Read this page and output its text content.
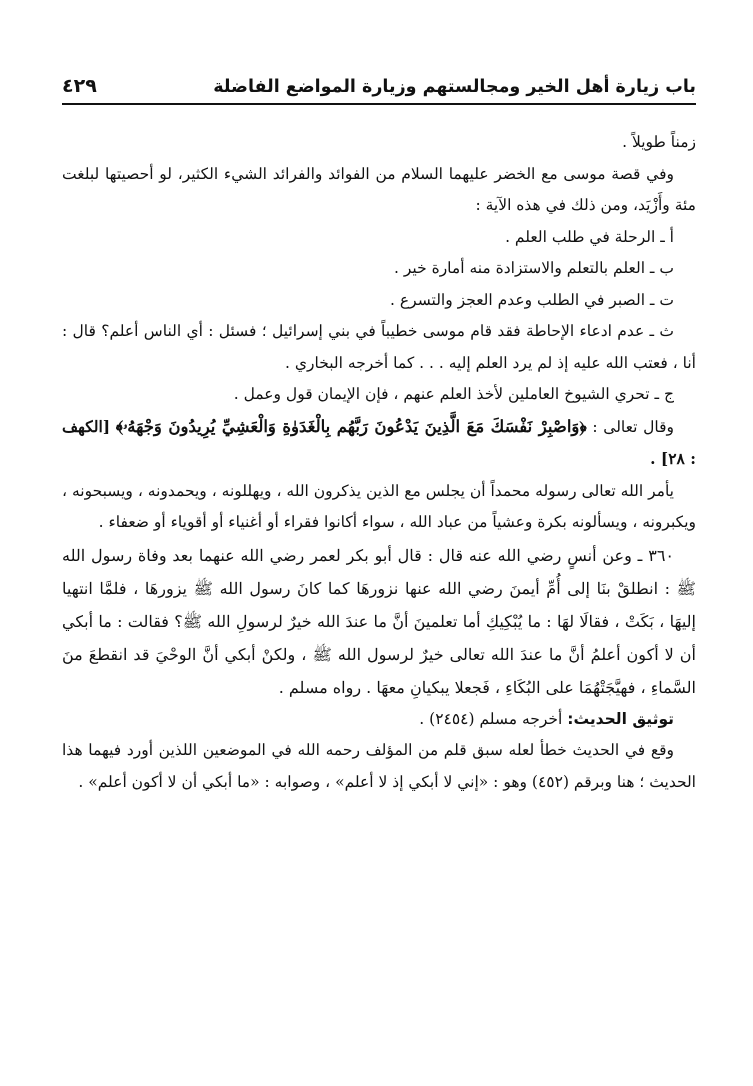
باب زيارة أهل الخير ومجالستهم وزيارة المواضع الفاضلة
٤٢٩

زمناً طويلاً .

وفي قصة موسى مع الخضر عليهما السلام من الفوائد والفرائد الشيء الكثير، لو أحصيتها لبلغت مئة وأَزْيَد، ومن ذلك في هذه الآية :

أ ـ الرحلة في طلب العلم .

ب ـ العلم بالتعلم والاستزادة منه أمارة خير .

ت ـ الصبر في الطلب وعدم العجز والتسرع .

ث ـ عدم ادعاء الإحاطة فقد قام موسى خطيباً في بني إسرائيل ؛ فسئل : أي الناس أعلم؟ قال : أنا ، فعتب الله عليه إذ لم يرد العلم إليه . . . كما أخرجه البخاري .

ج ـ تحري الشيوخ العاملين لأخذ العلم عنهم ، فإن الإيمان قول وعمل .

وقال تعالى : ﴿وَاصْبِرْ نَفْسَكَ مَعَ الَّذِينَ يَدْعُونَ رَبَّهُم بِالْغَدَوٰةِ وَالْعَشِيِّ يُرِيدُونَ وَجْهَهُۥ﴾ [الكهف : ٢٨] .

يأمر الله تعالى رسوله محمداً أن يجلس مع الذين يذكرون الله ، ويهللونه ، ويحمدونه ، ويسبحونه ، ويكبرونه ، ويسألونه بكرة وعشياً من عباد الله ، سواء أكانوا فقراء أو أغنياء أو أقوياء أو ضعفاء .

٣٦٠ ـ وعن أنسٍ رضي الله عنه قال : قال أبو بكر لعمر رضي الله عنهما بعد وفاة رسول الله ﷺ : انطلقْ بنَا إلى أُمِّ أيمنَ رضي الله عنها نزورهَا كما كانَ رسول الله ﷺ يزورهَا ، فلمَّا انتهيا إليهَا ، بَكَتْ ، فقالَا لهَا : ما يُبْكِيكِ أما تعلمينَ أنَّ ما عندَ الله خيرٌ لرسولِ الله ﷺ؟ فقالت : ما أبكي أن لا أكون أعلمُ أنَّ ما عندَ الله تعالى خيرٌ لرسول الله ﷺ ، ولكنْ أبكي أنَّ الوحْيَ قد انقطعَ منَ السَّماءِ ، فهيَّجَتْهُمَا على البُكَاءِ ، فَجعلا يبكيانِ معهَا . رواه مسلم .

توثيق الحديث: أخرجه مسلم (٢٤٥٤) .

وقع في الحديث خطأ لعله سبق قلم من المؤلف رحمه الله في الموضعين اللذين أورد فيهما هذا الحديث ؛ هنا وبرقم (٤٥٢) وهو : «إني لا أبكي إذ لا أعلم» ، وصوابه : «ما أبكي أن لا أكون أعلم» .
